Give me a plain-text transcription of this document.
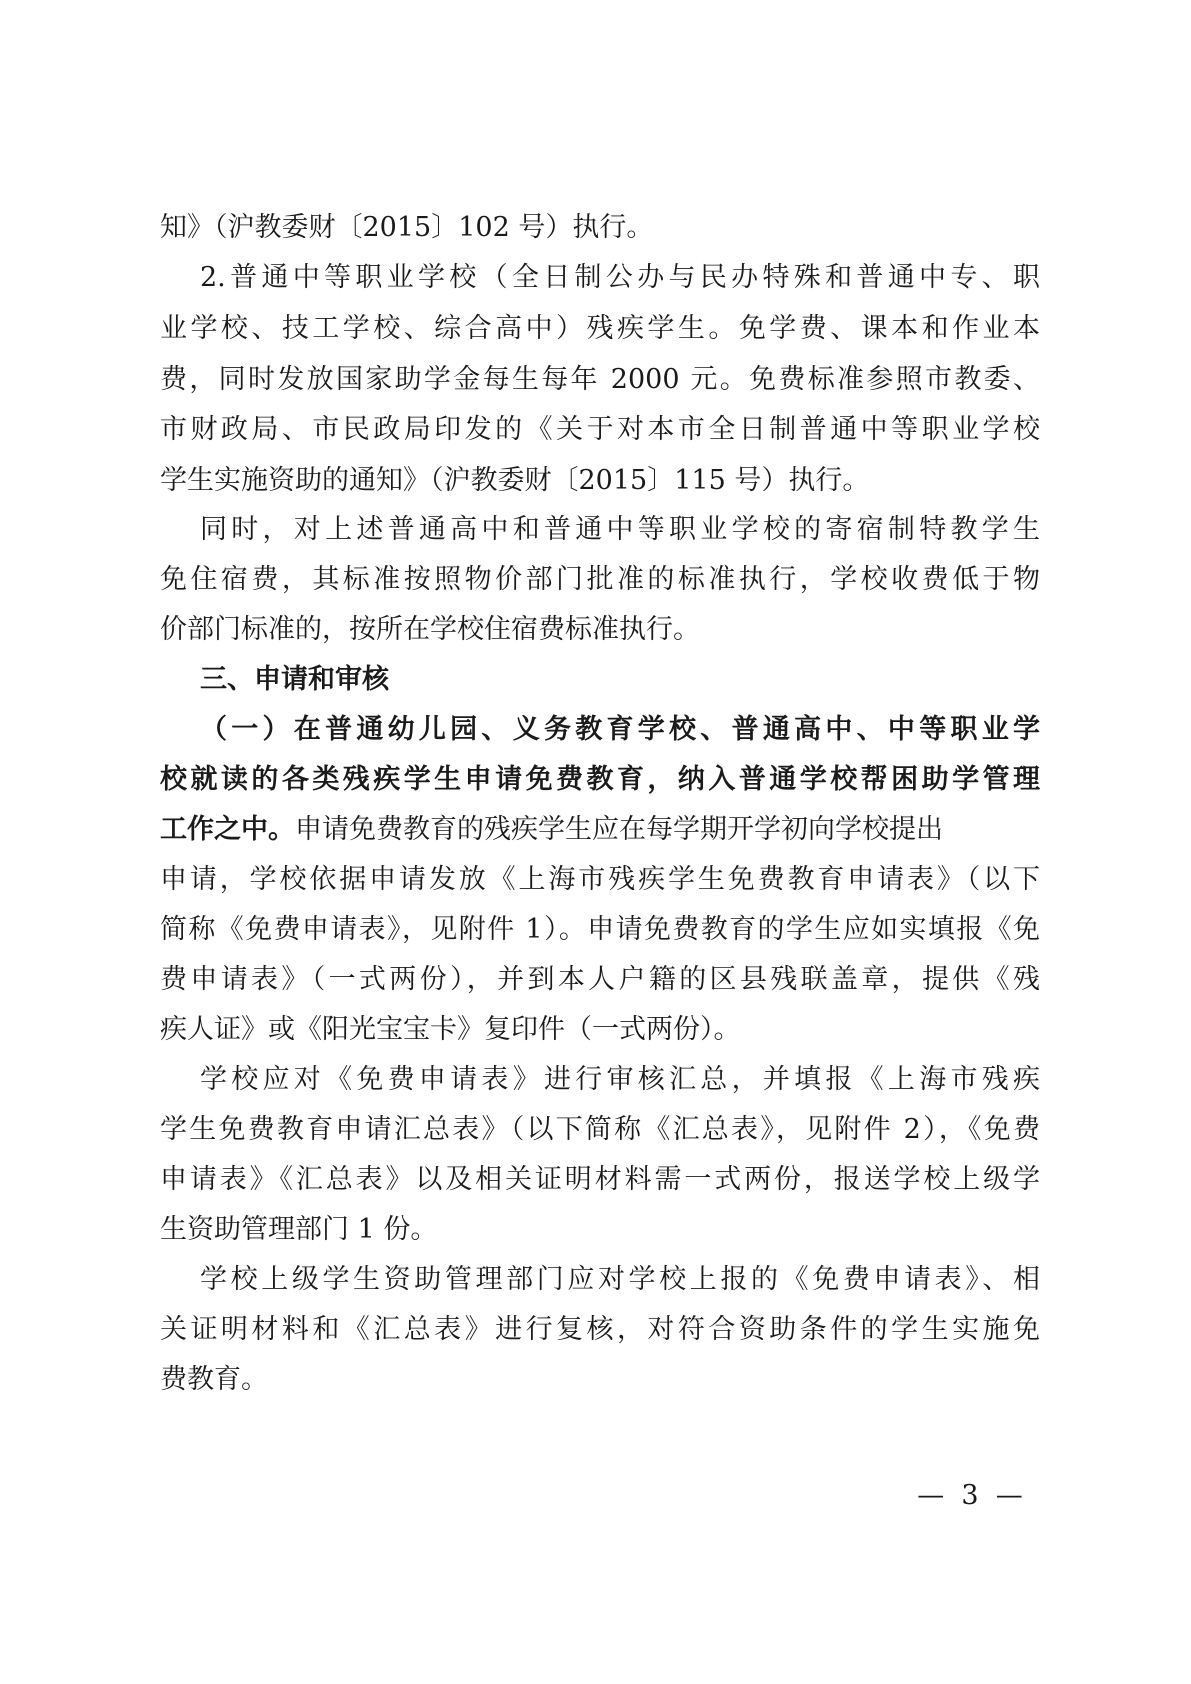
知》（沪教委财〔2015〕102 号）执行。
2.普通中等职业学校（全日制公办与民办特殊和普通中专、职
业学校、技工学校、综合高中）残疾学生。免学费、课本和作业本
费，同时发放国家助学金每生每年 2000 元。免费标准参照市教委、
市财政局、市民政局印发的《关于对本市全日制普通中等职业学校
学生实施资助的通知》（沪教委财〔2015〕115 号）执行。
同时，对上述普通高中和普通中等职业学校的寄宿制特教学生
免住宿费，其标准按照物价部门批准的标准执行，学校收费低于物
价部门标准的，按所在学校住宿费标准执行。
三、申请和审核
（一）在普通幼儿园、义务教育学校、普通高中、中等职业学
校就读的各类残疾学生申请免费教育，纳入普通学校帮困助学管理
工作之中。申请免费教育的残疾学生应在每学期开学初向学校提出
申请，学校依据申请发放《上海市残疾学生免费教育申请表》（以下
简称《免费申请表》，见附件 1）。申请免费教育的学生应如实填报《免
费申请表》（一式两份），并到本人户籍的区县残联盖章，提供《残
疾人证》或《阳光宝宝卡》复印件（一式两份）。
学校应对《免费申请表》进行审核汇总，并填报《上海市残疾
学生免费教育申请汇总表》（以下简称《汇总表》，见附件 2），《免费
申请表》《汇总表》以及相关证明材料需一式两份，报送学校上级学
生资助管理部门 1 份。
学校上级学生资助管理部门应对学校上报的《免费申请表》、相
关证明材料和《汇总表》进行复核，对符合资助条件的学生实施免
费教育。
—  3  —
